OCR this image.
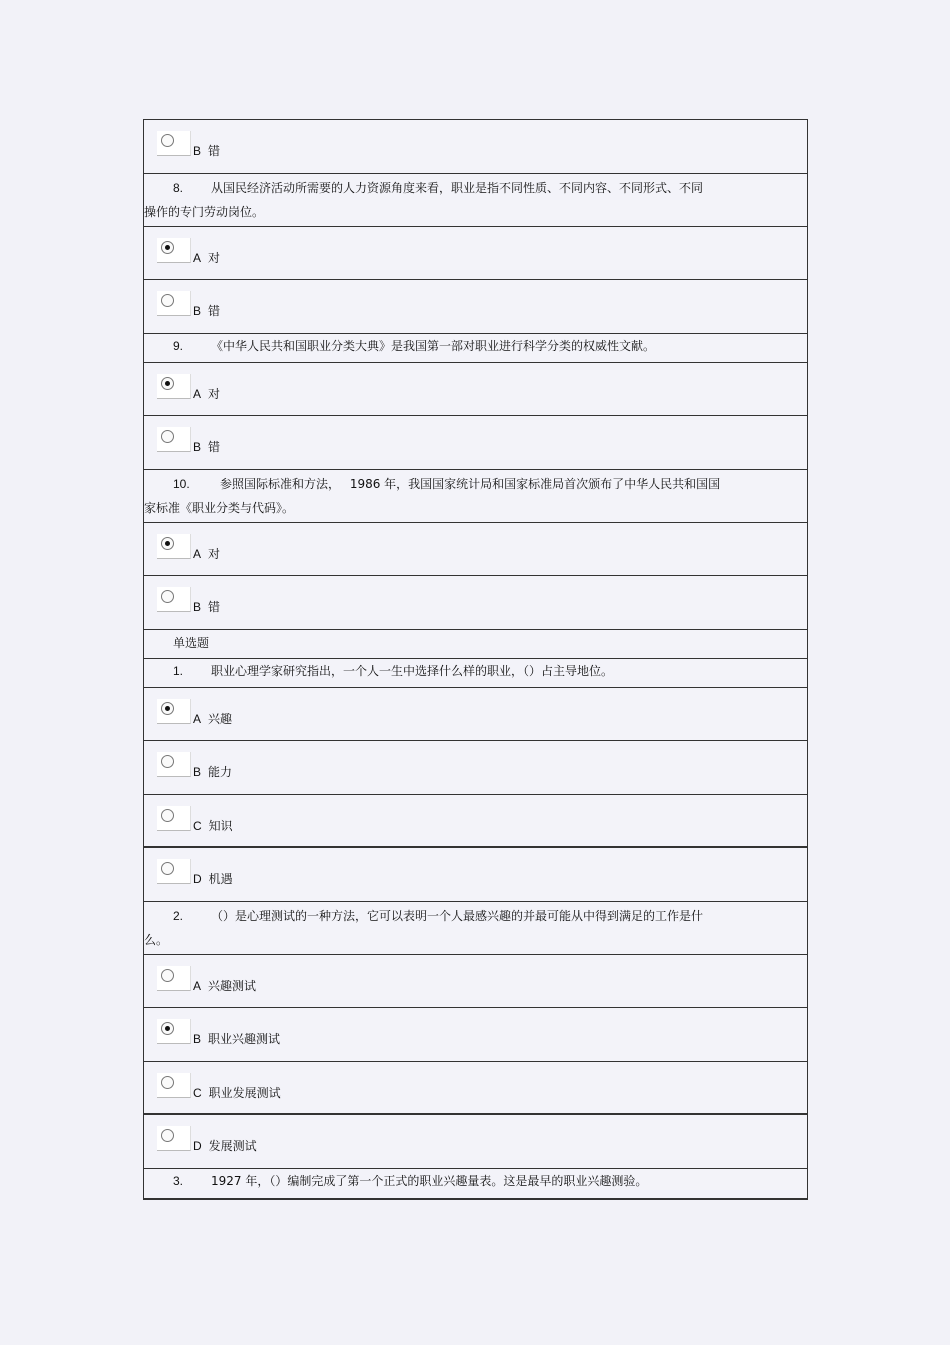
B 错
8. 从国民经济活动所需要的人力资源角度来看，职业是指不同性质、不同内容、不同形式、不同
操作的专门劳动岗位。
A 对
B 错
9. 《中华人民共和国职业分类大典》是我国第一部对职业进行科学分类的权威性文献。
A 对
B 错
10.	参照国际标准和方法，　 1986 年，我国国家统计局和国家标准局首次颁布了中华人民共和国国
家标准《职业分类与代码》。
A 对
B 错
单选题
1. 职业心理学家研究指出，一个人一生中选择什么样的职业，（）占主导地位。
A 兴趣
B 能力
C 知识
D 机遇
2. （）是心理测试的一种方法，它可以表明一个人最感兴趣的并最可能从中得到满足的工作是什
么。
A 兴趣测试
B 职业兴趣测试
C 职业发展测试
D 发展测试
3. 1927 年，（）编制完成了第一个正式的职业兴趣量表。这是最早的职业兴趣测验。
